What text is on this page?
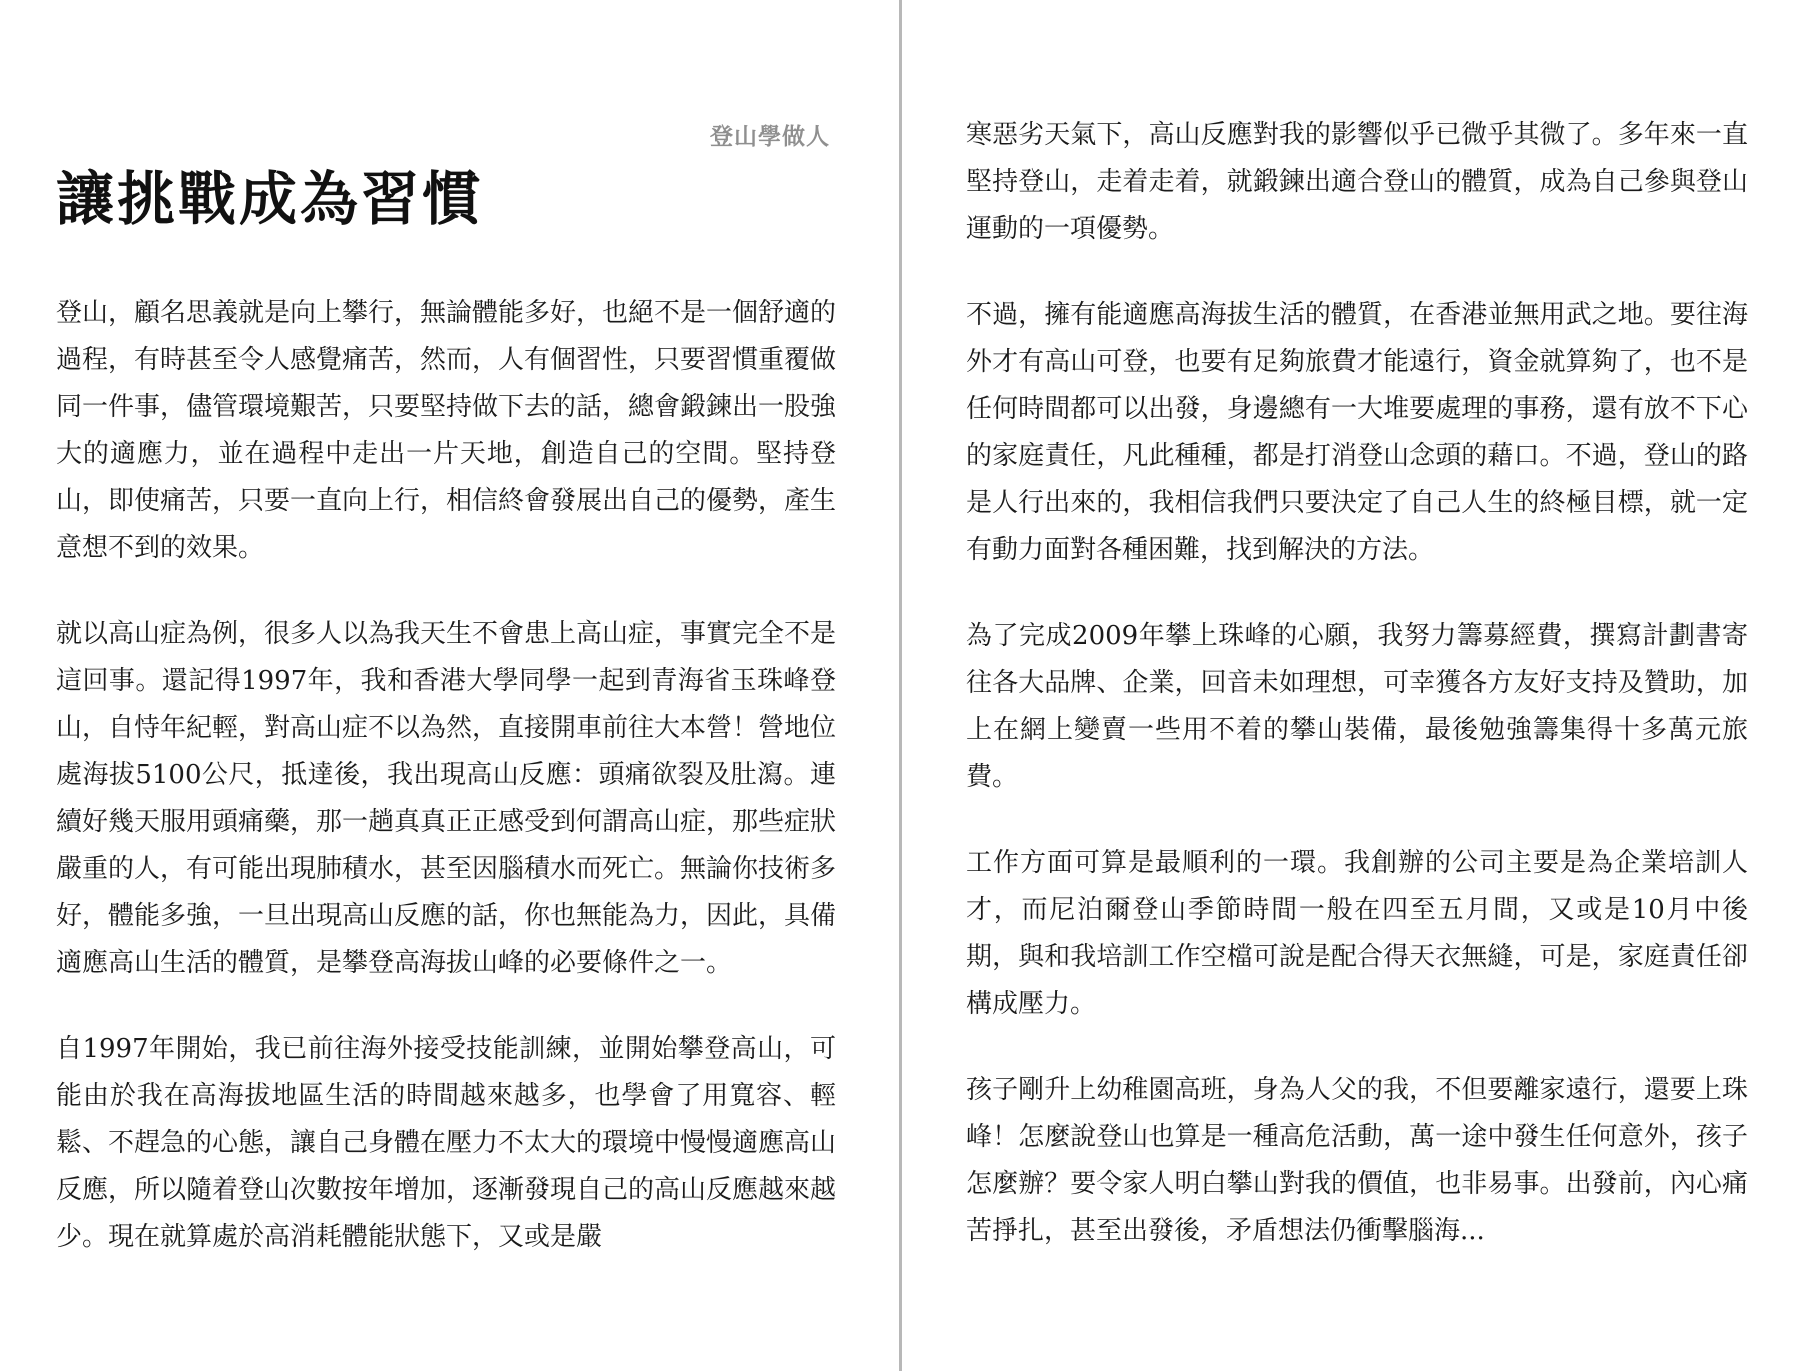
登山學做人
讓挑戰成為習慣

登山，顧名思義就是向上攀行，無論體能多好，也絕不是一個舒適的過程，有時甚至令人感覺痛苦，然而，人有個習性，只要習慣重覆做同一件事，儘管環境艱苦，只要堅持做下去的話，總會鍛鍊出一股強大的適應力，並在過程中走出一片天地，創造自己的空間。堅持登山，即使痛苦，只要一直向上行，相信終會發展出自己的優勢，產生意想不到的效果。

就以高山症為例，很多人以為我天生不會患上高山症，事實完全不是這回事。還記得1997年，我和香港大學同學一起到青海省玉珠峰登山，自恃年紀輕，對高山症不以為然，直接開車前往大本營！營地位處海拔5100公尺，抵達後，我出現高山反應：頭痛欲裂及肚瀉。連續好幾天服用頭痛藥，那一趟真真正正感受到何謂高山症，那些症狀嚴重的人，有可能出現肺積水，甚至因腦積水而死亡。無論你技術多好，體能多強，一旦出現高山反應的話，你也無能為力，因此，具備適應高山生活的體質，是攀登高海拔山峰的必要條件之一。

自1997年開始，我已前往海外接受技能訓練，並開始攀登高山，可能由於我在高海拔地區生活的時間越來越多，也學會了用寬容、輕鬆、不趕急的心態，讓自己身體在壓力不太大的環境中慢慢適應高山反應，所以隨着登山次數按年增加，逐漸發現自己的高山反應越來越少。現在就算處於高消耗體能狀態下，又或是嚴

寒惡劣天氣下，高山反應對我的影響似乎已微乎其微了。多年來一直堅持登山，走着走着，就鍛鍊出適合登山的體質，成為自己參與登山運動的一項優勢。

不過，擁有能適應高海拔生活的體質，在香港並無用武之地。要往海外才有高山可登，也要有足夠旅費才能遠行，資金就算夠了，也不是任何時間都可以出發，身邊總有一大堆要處理的事務，還有放不下心的家庭責任，凡此種種，都是打消登山念頭的藉口。不過，登山的路是人行出來的，我相信我們只要決定了自己人生的終極目標，就一定有動力面對各種困難，找到解決的方法。

為了完成2009年攀上珠峰的心願，我努力籌募經費，撰寫計劃書寄往各大品牌、企業，回音未如理想，可幸獲各方友好支持及贊助，加上在網上變賣一些用不着的攀山裝備，最後勉強籌集得十多萬元旅費。

工作方面可算是最順利的一環。我創辦的公司主要是為企業培訓人才，而尼泊爾登山季節時間一般在四至五月間，又或是10月中後期，與和我培訓工作空檔可說是配合得天衣無縫，可是，家庭責任卻構成壓力。

孩子剛升上幼稚園高班，身為人父的我，不但要離家遠行，還要上珠峰！怎麼說登山也算是一種高危活動，萬一途中發生任何意外，孩子怎麼辦？要令家人明白攀山對我的價值，也非易事。出發前，內心痛苦掙扎，甚至出發後，矛盾想法仍衝擊腦海...
